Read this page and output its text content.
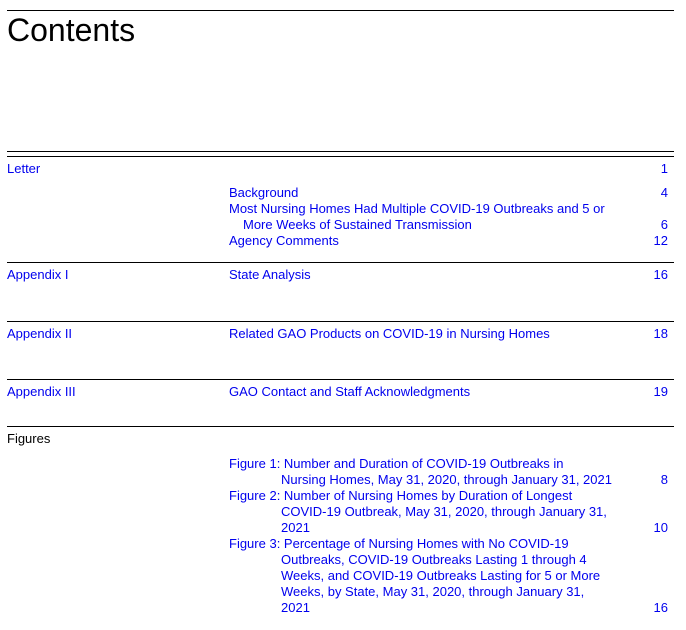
Contents
Letter	1
Background	4
Most Nursing Homes Had Multiple COVID-19 Outbreaks and 5 or
More Weeks of Sustained Transmission	6
Agency Comments	12
Appendix I	State Analysis	16
Appendix II	Related GAO Products on COVID-19 in Nursing Homes	18
Appendix III	GAO Contact and Staff Acknowledgments	19
Figures
Figure 1: Number and Duration of COVID-19 Outbreaks in
Nursing Homes, May 31, 2020, through January 31, 2021	8
Figure 2: Number of Nursing Homes by Duration of Longest
COVID-19 Outbreak, May 31, 2020, through January 31,
2021	10
Figure 3: Percentage of Nursing Homes with No COVID-19
Outbreaks, COVID-19 Outbreaks Lasting 1 through 4
Weeks, and COVID-19 Outbreaks Lasting for 5 or More
Weeks, by State, May 31, 2020, through January 31,
2021	16
